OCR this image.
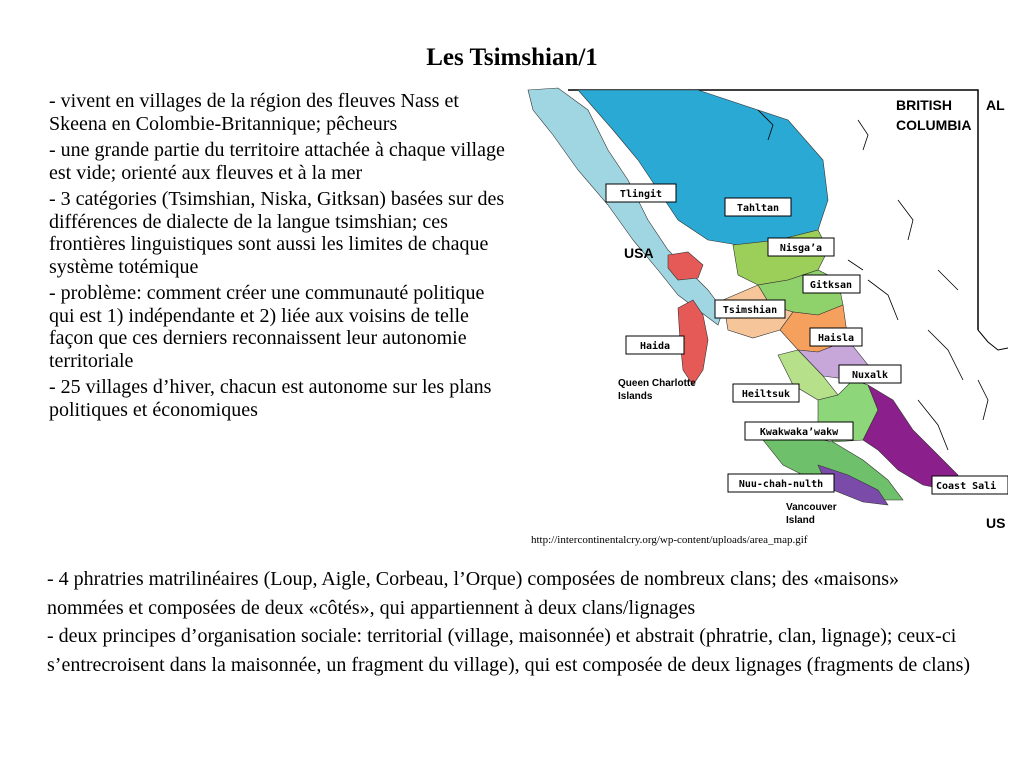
Les Tsimshian/1
- vivent en villages de la région des fleuves Nass et Skeena en Colombie-Britannique; pêcheurs
- une grande partie du territoire attachée à chaque village est vide; orienté aux fleuves et à la mer
- 3 catégories (Tsimshian, Niska, Gitksan) basées sur des différences de dialecte de la langue tsimshian; ces frontières linguistiques sont aussi les limites de chaque système totémique
- problème: comment créer une communauté politique qui est 1) indépendante et 2) liée aux voisins de telle façon que ces derniers reconnaissent leur autonomie territoriale
- 25 villages d’hiver, chacun est autonome sur les plans politiques et économiques
BRITISH
COLUMBIA
AL
USA
US
Queen Charlotte
Islands
Vancouver
Island
Tlingit
Tahltan
Nisga’a
Gitksan
Tsimshian
Haida
Haisla
Nuxalk
Heiltsuk
Kwakwaka’wakw
Nuu-chah-nulth	Coast Sali
http://intercontinentalcry.org/wp-content/uploads/area_map.gif
- 4 phratries matrilinéaires (Loup, Aigle, Corbeau, l’Orque) composées de nombreux clans; des «maisons» nommées et composées de deux «côtés», qui appartiennent à deux clans/lignages
- deux principes d’organisation sociale: territorial (village, maisonnée) et abstrait (phratrie, clan, lignage); ceux-ci s’entrecroisent dans la maisonnée, un fragment du village), qui est composée de deux lignages (fragments de clans)
